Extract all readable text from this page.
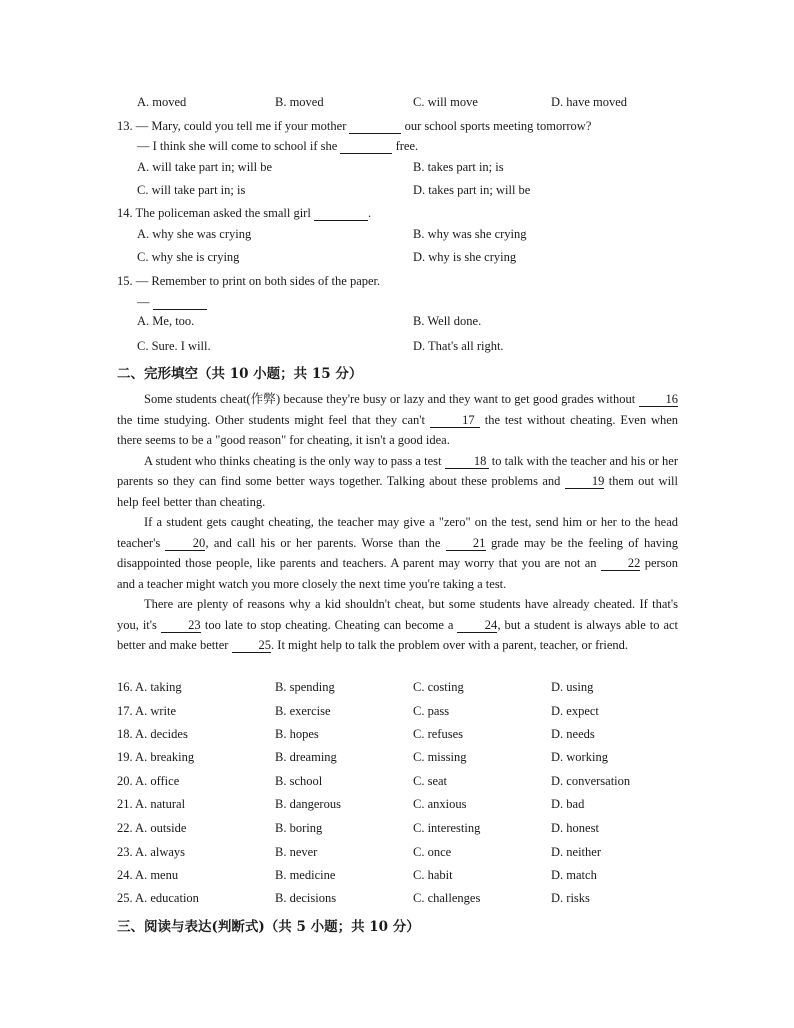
A. moved	B. moved	C. will move	D. have moved
13. — Mary, could you tell me if your mother	our school sports meeting tomorrow?
— I think she will come to school if she	free.
A. will take part in; will be	B. takes part in; is
C. will take part in; is	D. takes part in; will be
14. The policeman asked the small girl	.
A. why she was crying	B. why was she crying
C. why she is crying	D. why is she crying
15. — Remember to print on both sides of the paper.
—
A. Me, too.	B. Well done.
C. Sure. I will.	D. That's all right.
二、完形填空（共 10 小题；共 15 分）

Some students cheat(作弊) because they're busy or lazy and they want to get good grades without 16 the time studying. Other students might feel that they can't	17 the test without cheating. Even when there seems to be a "good reason" for cheating, it isn't a good idea.

A student who thinks cheating is the only way to pass a test	18 to talk with the teacher and his or her parents so they can find some better ways together. Talking about these problems and	19 them out will help feel better than cheating.

If a student gets caught cheating, the teacher may give a "zero" on the test, send him or her to the head teacher's	20, and call his or her parents. Worse than the	21 grade may be the feeling of having disappointed those people, like parents and teachers. A parent may worry that you are not an	22 person and a teacher might watch you more closely the next time you're taking a test.

There are plenty of reasons why a kid shouldn't cheat, but some students have already cheated. If that's you, it's 23 too late to stop cheating. Cheating can become a 24, but a student is always able to act better and make better 25. It might help to talk the problem over with a parent, teacher, or friend.

16. A. taking	B. spending	C. costing	D. using
17. A. write	B. exercise	C. pass	D. expect
18. A. decides	B. hopes	C. refuses	D. needs
19. A. breaking	B. dreaming	C. missing	D. working
20. A. office	B. school	C. seat	D. conversation
21. A. natural	B. dangerous	C. anxious	D. bad
22. A. outside	B. boring	C. interesting	D. honest
23. A. always	B. never	C. once	D. neither
24. A. menu	B. medicine	C. habit	D. match
25. A. education	B. decisions	C. challenges	D. risks
三、阅读与表达(判断式)（共 5 小题；共 10 分）
